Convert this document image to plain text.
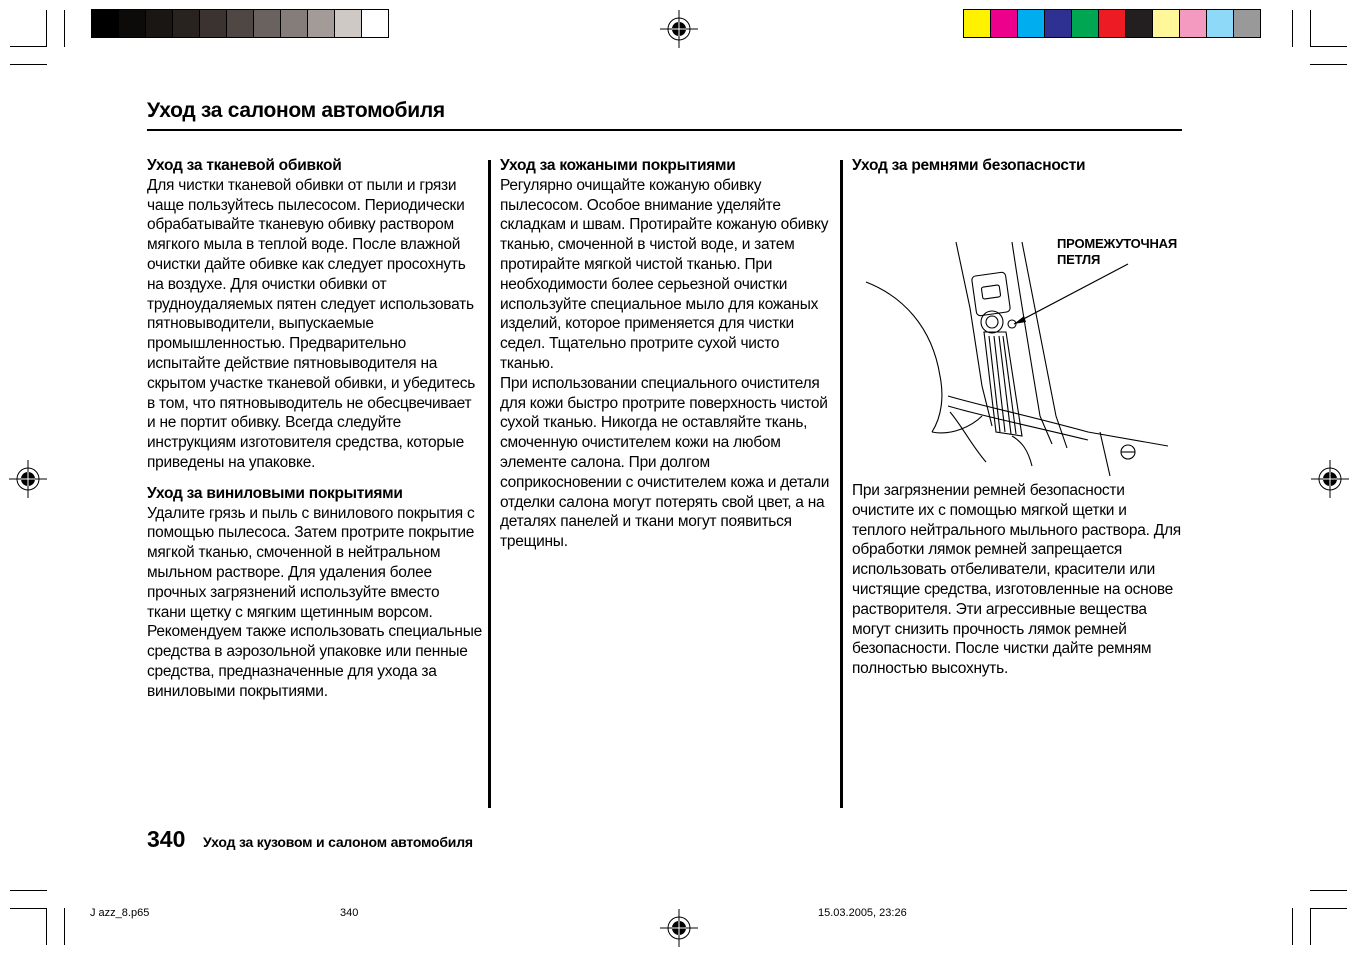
Уход за салоном автомобиля

Уход за тканевой обивкой

Для чистки тканевой обивки от пыли и грязи чаще пользуйтесь пылесосом. Периодически обрабатывайте тканевую обивку раствором мягкого мыла в теплой воде. После влажной очистки дайте обивке как следует просохнуть на воздухе. Для очистки обивки от трудноудаляемых пятен следует использовать пятновыводители, выпускаемые промышленностью. Предварительно испытайте действие пятновыводителя на скрытом участке тканевой обивки, и убедитесь в том, что пятновыводитель не обесцвечивает и не портит обивку. Всегда следуйте инструкциям изготовителя средства, которые приведены на упаковке.

Уход за виниловыми покрытиями

Удалите грязь и пыль с винилового покрытия с помощью пылесоса. Затем протрите покрытие мягкой тканью, смоченной в нейтральном мыльном растворе. Для удаления более прочных загрязнений используйте вместо ткани щетку с мягким щетинным ворсом. Рекомендуем также использовать специальные средства в аэрозольной упаковке или пенные средства, предназначенные для ухода за виниловыми покрытиями.

Уход за кожаными покрытиями

Регулярно очищайте кожаную обивку пылесосом. Особое внимание уделяйте складкам и швам. Протирайте кожаную обивку тканью, смоченной в чистой воде, и затем протирайте мягкой чистой тканью. При необходимости более серьезной очистки используйте специальное мыло для кожаных изделий, которое применяется для чистки седел. Тщательно протрите сухой чисто тканью.

При использовании специального очистителя для кожи быстро протрите поверхность чистой сухой тканью. Никогда не оставляйте ткань, смоченную очистителем кожи на любом элементе салона. При долгом соприкосновении с очистителем кожа и детали отделки салона могут потерять свой цвет, а на деталях панелей и ткани могут появиться трещины.

Уход за ремнями безопасности

ПРОМЕЖУТОЧНАЯ
ПЕТЛЯ
При загрязнении ремней безопасности очистите их с помощью мягкой щетки и теплого нейтрального мыльного раствора. Для обработки лямок ремней запрещается использовать отбеливатели, красители или чистящие средства, изготовленные на основе растворителя. Эти агрессивные вещества могут снизить прочность лямок ремней безопасности. После чистки дайте ремням полностью высохнуть.
340 Уход за кузовом и салоном автомобиля
J azz_8.p65	340	15.03.2005, 23:26
